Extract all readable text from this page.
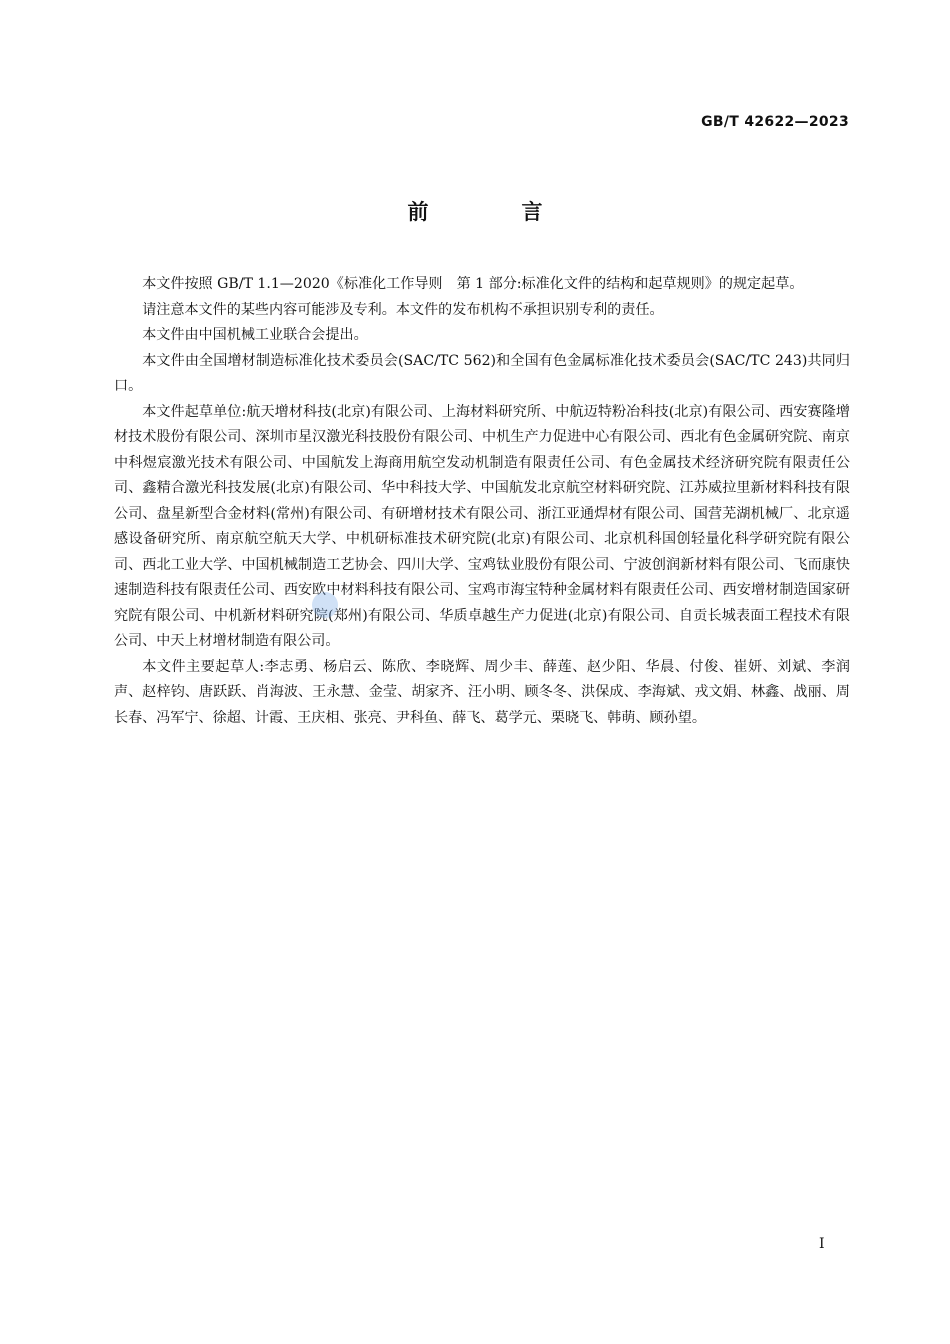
GB/T 42622—2023
前　言

本文件按照 GB/T 1.1—2020《标准化工作导则　第 1 部分:标准化文件的结构和起草规则》的规定起草。

请注意本文件的某些内容可能涉及专利。本文件的发布机构不承担识别专利的责任。

本文件由中国机械工业联合会提出。

本文件由全国增材制造标准化技术委员会(SAC/TC 562)和全国有色金属标准化技术委员会(SAC/TC 243)共同归口。

本文件起草单位:航天增材科技(北京)有限公司、上海材料研究所、中航迈特粉冶科技(北京)有限公司、西安赛隆增材技术股份有限公司、深圳市星汉激光科技股份有限公司、中机生产力促进中心有限公司、西北有色金属研究院、南京中科煜宸激光技术有限公司、中国航发上海商用航空发动机制造有限责任公司、有色金属技术经济研究院有限责任公司、鑫精合激光科技发展(北京)有限公司、华中科技大学、中国航发北京航空材料研究院、江苏威拉里新材料科技有限公司、盘星新型合金材料(常州)有限公司、有研增材技术有限公司、浙江亚通焊材有限公司、国营芜湖机械厂、北京遥感设备研究所、南京航空航天大学、中机研标准技术研究院(北京)有限公司、北京机科国创轻量化科学研究院有限公司、西北工业大学、中国机械制造工艺协会、四川大学、宝鸡钛业股份有限公司、宁波创润新材料有限公司、飞而康快速制造科技有限责任公司、西安欧中材料科技有限公司、宝鸡市海宝特种金属材料有限责任公司、西安增材制造国家研究院有限公司、中机新材料研究院(郑州)有限公司、华质卓越生产力促进(北京)有限公司、自贡长城表面工程技术有限公司、中天上材增材制造有限公司。

本文件主要起草人:李志勇、杨启云、陈欣、李晓辉、周少丰、薛莲、赵少阳、华晨、付俊、崔妍、刘斌、李润声、赵梓钧、唐跃跃、肖海波、王永慧、金莹、胡家齐、汪小明、顾冬冬、洪保成、李海斌、戎文娟、林鑫、战丽、周长春、冯军宁、徐超、计霞、王庆相、张亮、尹科鱼、薛飞、葛学元、栗晓飞、韩萌、顾孙望。

I
